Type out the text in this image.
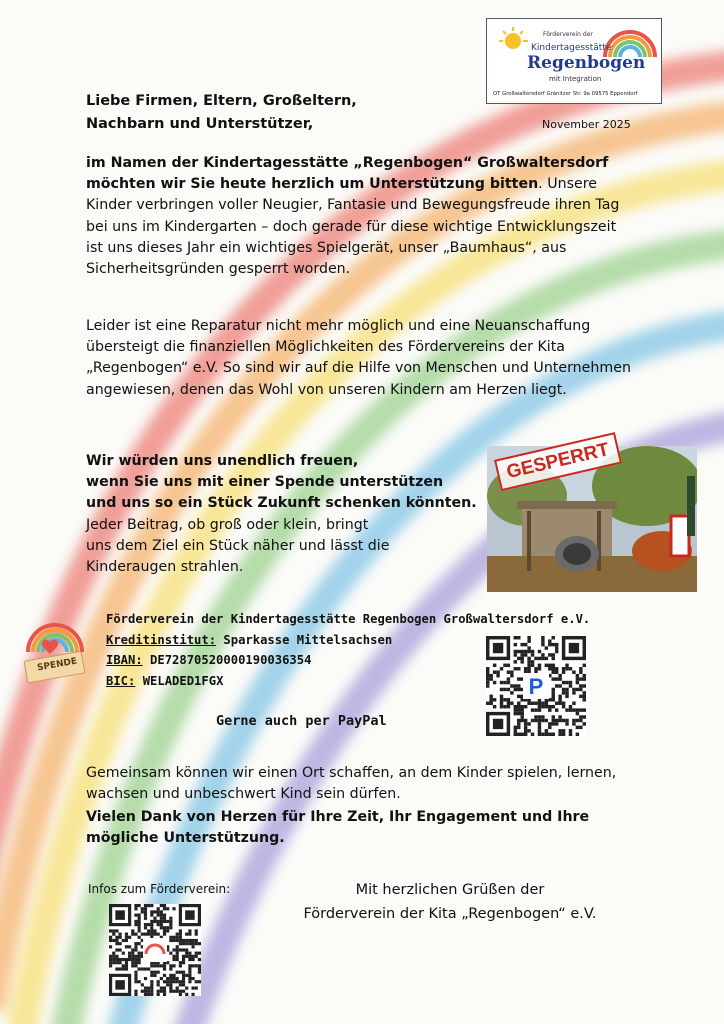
Förderverein der
Kindertagesstätte
Regenbogen
mit Integration
OT Großwaltersdorf Gränitzer Str. 9a 09575 Eppendorf
Liebe Firmen, Eltern, Großeltern,
Nachbarn und Unterstützer,	November 2025
im Namen der Kindertagesstätte „Regenbogen“ Großwaltersdorf möchten wir Sie heute herzlich um Unterstützung bitten. Unsere Kinder verbringen voller Neugier, Fantasie und Bewegungsfreude ihren Tag bei uns im Kindergarten – doch gerade für diese wichtige Entwicklungszeit ist uns dieses Jahr ein wichtiges Spielgerät, unser „Baumhaus“, aus Sicherheitsgründen gesperrt worden.
Leider ist eine Reparatur nicht mehr möglich und eine Neuanschaffung übersteigt die finanziellen Möglichkeiten des Fördervereins der Kita „Regenbogen“ e.V. So sind wir auf die Hilfe von Menschen und Unternehmen angewiesen, denen das Wohl von unseren Kindern am Herzen liegt.
Wir würden uns unendlich freuen,
wenn Sie uns mit einer Spende unterstützen
und uns so ein Stück Zukunft schenken könnten.
Jeder Beitrag, ob groß oder klein, bringt
uns dem Ziel ein Stück näher und lässt die
Kinderaugen strahlen.
GESPERRT
SPENDE
Förderverein der Kindertagesstätte Regenbogen Großwaltersdorf e.V.
Kreditinstitut: Sparkasse Mittelsachsen
IBAN: DE72870520000190036354
BIC: WELADED1FGX	P
Gerne auch per PayPal
Gemeinsam können wir einen Ort schaffen, an dem Kinder spielen, lernen, wachsen und unbeschwert Kind sein dürfen.
Vielen Dank von Herzen für Ihre Zeit, Ihr Engagement und Ihre mögliche Unterstützung.
Infos zum Förderverein:	Mit herzlichen Grüßen der
Förderverein der Kita „Regenbogen“ e.V.
